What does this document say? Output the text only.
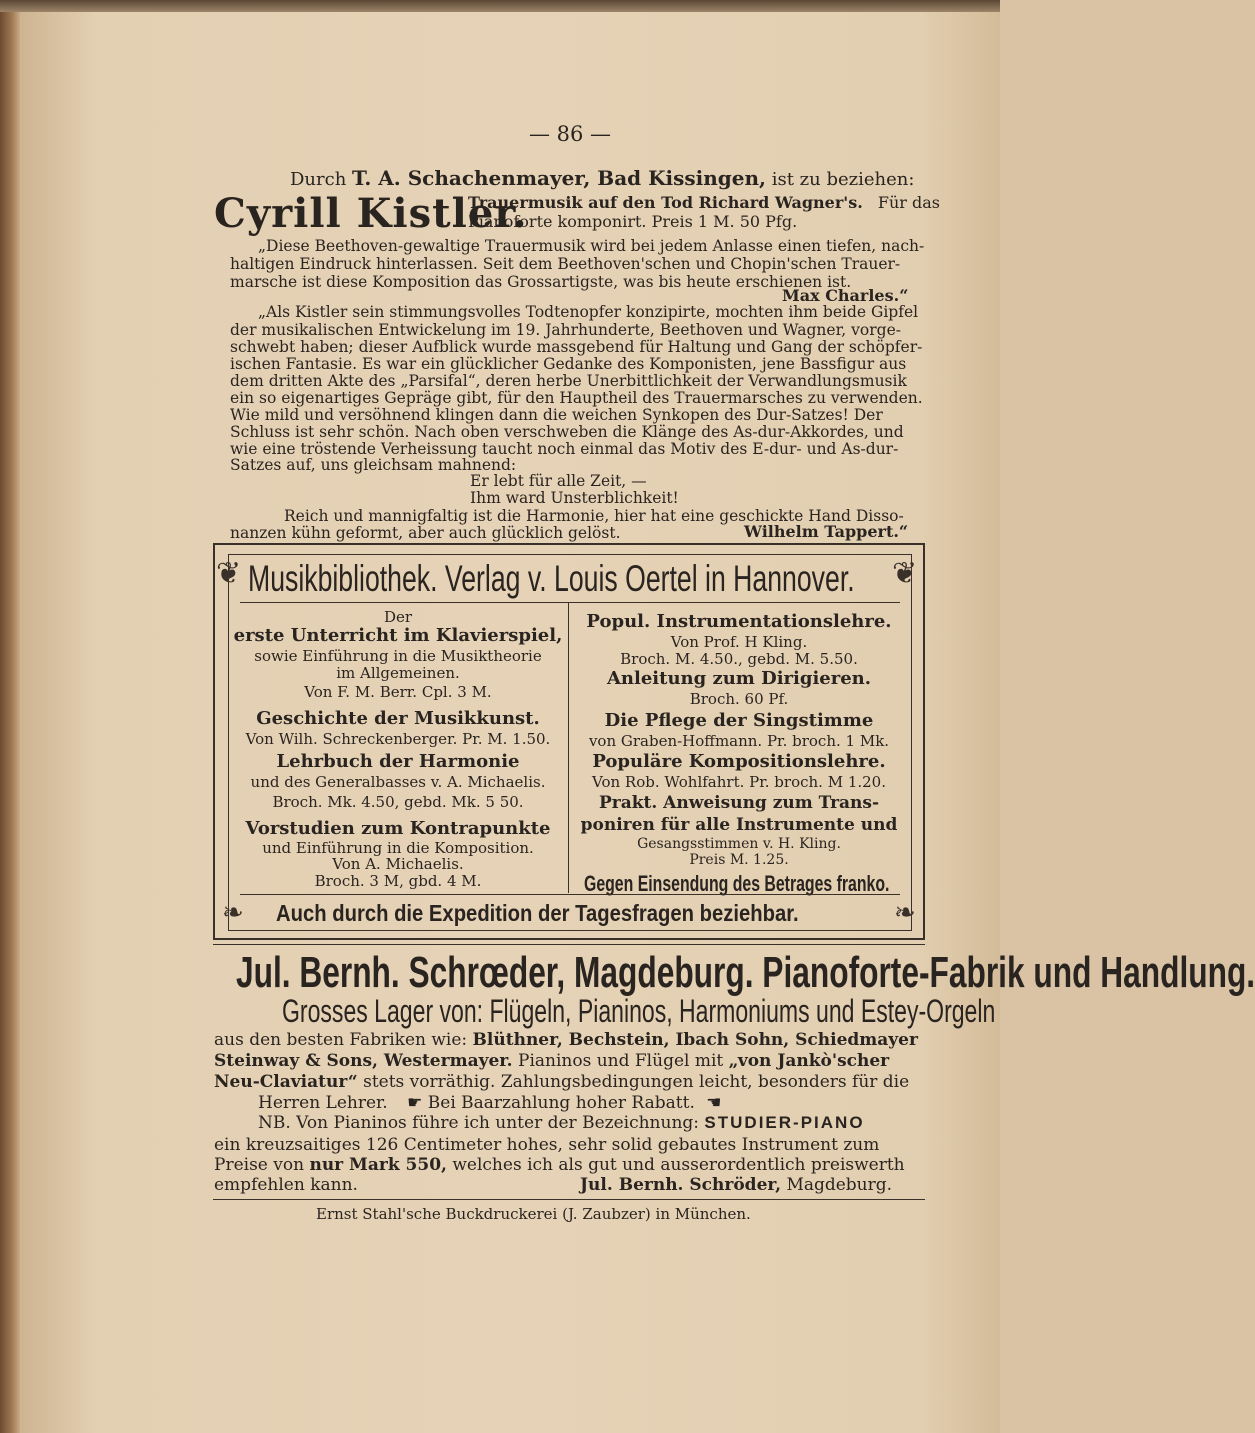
— 86 —
Durch T. A. Schachenmayer, Bad Kissingen, ist zu beziehen:
Cyrill Kistler.
Trauermusik auf den Tod Richard Wagner's. Für das
Pianoforte komponirt. Preis 1 M. 50 Pfg.
„Diese Beethoven-gewaltige Trauermusik wird bei jedem Anlasse einen tiefen, nach-
haltigen Eindruck hinterlassen. Seit dem Beethoven'schen und Chopin'schen Trauer-
marsche ist diese Komposition das Grossartigste, was bis heute erschienen ist.
Max Charles.“
„Als Kistler sein stimmungsvolles Todtenopfer konzipirte, mochten ihm beide Gipfel
der musikalischen Entwickelung im 19. Jahrhunderte, Beethoven und Wagner, vorge-
schwebt haben; dieser Aufblick wurde massgebend für Haltung und Gang der schöpfer-
ischen Fantasie. Es war ein glücklicher Gedanke des Komponisten, jene Bassfigur aus
dem dritten Akte des „Parsifal“, deren herbe Unerbittlichkeit der Verwandlungsmusik
ein so eigenartiges Gepräge gibt, für den Hauptheil des Trauermarsches zu verwenden.
Wie mild und versöhnend klingen dann die weichen Synkopen des Dur-Satzes! Der
Schluss ist sehr schön. Nach oben verschweben die Klänge des As-dur-Akkordes, und
wie eine tröstende Verheissung taucht noch einmal das Motiv des E-dur- und As-dur-
Satzes auf, uns gleichsam mahnend:
Er lebt für alle Zeit, —
Ihm ward Unsterblichkeit!
Reich und mannigfaltig ist die Harmonie, hier hat eine geschickte Hand Disso-
nanzen kühn geformt, aber auch glücklich gelöst.	Wilhelm Tappert.“
❦	❦
❧	❧
Musikbibliothek. Verlag v. Louis Oertel in Hannover.
Der
erste Unterricht im Klavierspiel,
sowie Einführung in die Musiktheorie
im Allgemeinen.
Von F. M. Berr. Cpl. 3 M.
Geschichte der Musikkunst.
Von Wilh. Schreckenberger. Pr. M. 1.50.
Lehrbuch der Harmonie
und des Generalbasses v. A. Michaelis.
Broch. Mk. 4.50, gebd. Mk. 5 50.
Vorstudien zum Kontrapunkte
und Einführung in die Komposition.
Von A. Michaelis.
Broch. 3 M, gbd. 4 M.
Popul. Instrumentationslehre.
Von Prof. H Kling.
Broch. M. 4.50., gebd. M. 5.50.
Anleitung zum Dirigieren.
Broch. 60 Pf.
Die Pflege der Singstimme
von Graben-Hoffmann. Pr. broch. 1 Mk.
Populäre Kompositionslehre.
Von Rob. Wohlfahrt. Pr. broch. M 1.20.
Prakt. Anweisung zum Trans-
poniren für alle Instrumente und
Gesangsstimmen v. H. Kling.
Preis M. 1.25.
Gegen Einsendung des Betrages franko.
Auch durch die Expedition der Tagesfragen beziehbar.
Jul. Bernh. Schrœder, Magdeburg. Pianoforte-Fabrik und Handlung.
Grosses Lager von: Flügeln, Pianinos, Harmoniums und Estey-Orgeln
aus den besten Fabriken wie: Blüthner, Bechstein, Ibach Sohn, Schiedmayer
Steinway & Sons, Westermayer. Pianinos und Flügel mit „von Jankò'scher
Neu-Claviatur“ stets vorräthig. Zahlungsbedingungen leicht, besonders für die
Herren Lehrer. ☛ Bei Baarzahlung hoher Rabatt. ☚
NB. Von Pianinos führe ich unter der Bezeichnung: STUDIER-PIANO
ein kreuzsaitiges 126 Centimeter hohes, sehr solid gebautes Instrument zum
Preise von nur Mark 550, welches ich als gut und ausserordentlich preiswerth
empfehlen kann.	Jul. Bernh. Schröder, Magdeburg.
Ernst Stahl'sche Buckdruckerei (J. Zaubzer) in München.
